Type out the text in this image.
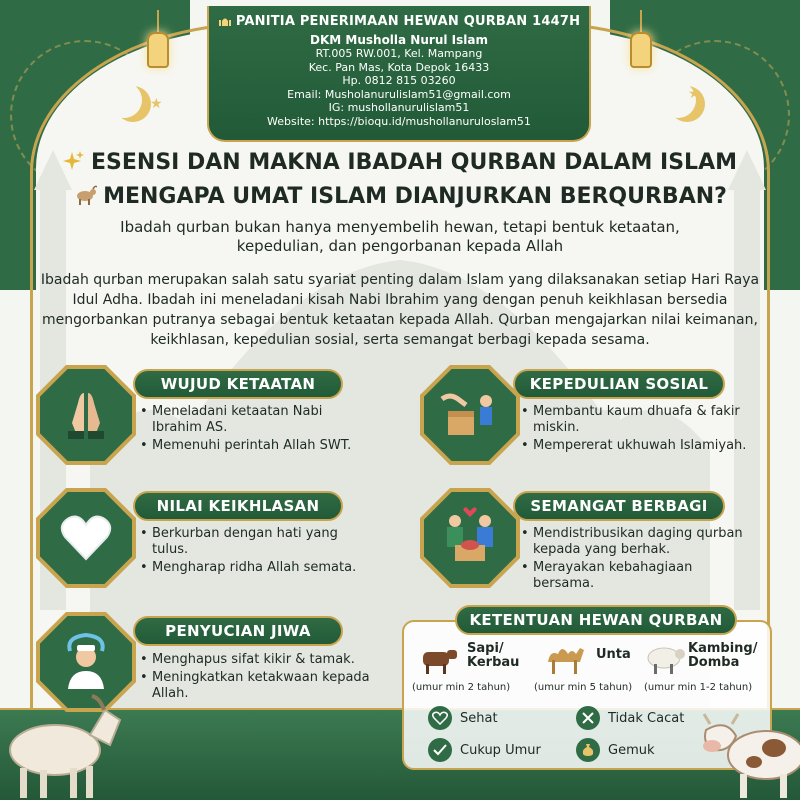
★
★
PANITIA PENERIMAAN HEWAN QURBAN 1447H
DKM Musholla Nurul Islam
RT.005 RW.001, Kel. Mampang
Kec. Pan Mas, Kota Depok 16433
Hp. 0812 815 03260
Email: Musholanurulislam51@gmail.com
IG: mushollanurulislam51
Website: https://bioqu.id/mushollanuruloslam51
ESENSI DAN MAKNA IBADAH QURBAN DALAM ISLAM
MENGAPA UMAT ISLAM DIANJURKAN BERQURBAN?
Ibadah qurban bukan hanya menyembelih hewan, tetapi bentuk ketaatan,
kepedulian, dan pengorbanan kepada Allah
Ibadah qurban merupakan salah satu syariat penting dalam Islam yang dilaksanakan setiap Hari Raya Idul Adha. Ibadah ini meneladani kisah Nabi Ibrahim yang dengan penuh keikhlasan bersedia mengorbankan putranya sebagai bentuk ketaatan kepada Allah. Qurban mengajarkan nilai keimanan, keikhlasan, kepedulian sosial, serta semangat berbagi kepada sesama.
WUJUD KETAATAN
• Meneladani ketaatan Nabi Ibrahim AS.
• Memenuhi perintah Allah SWT.
KEPEDULIAN SOSIAL
• Membantu kaum dhuafa & fakir miskin.
• Mempererat ukhuwah Islamiyah.
NILAI KEIKHLASAN
• Berkurban dengan hati yang tulus.
• Mengharap ridha Allah semata.
SEMANGAT BERBAGI
• Mendistribusikan daging qurban kepada yang berhak.
• Merayakan kebahagiaan bersama.
PENYUCIAN JIWA
• Menghapus sifat kikir & tamak.
• Meningkatkan ketakwaan kepada Allah.
KETENTUAN HEWAN QURBAN
Sapi/
Kerbau
(umur min 2 tahun)
Unta
(umur min 5 tahun)
Kambing/
Domba
(umur min 1-2 tahun)
Sehat	Tidak Cacat
Cukup Umur	Gemuk
